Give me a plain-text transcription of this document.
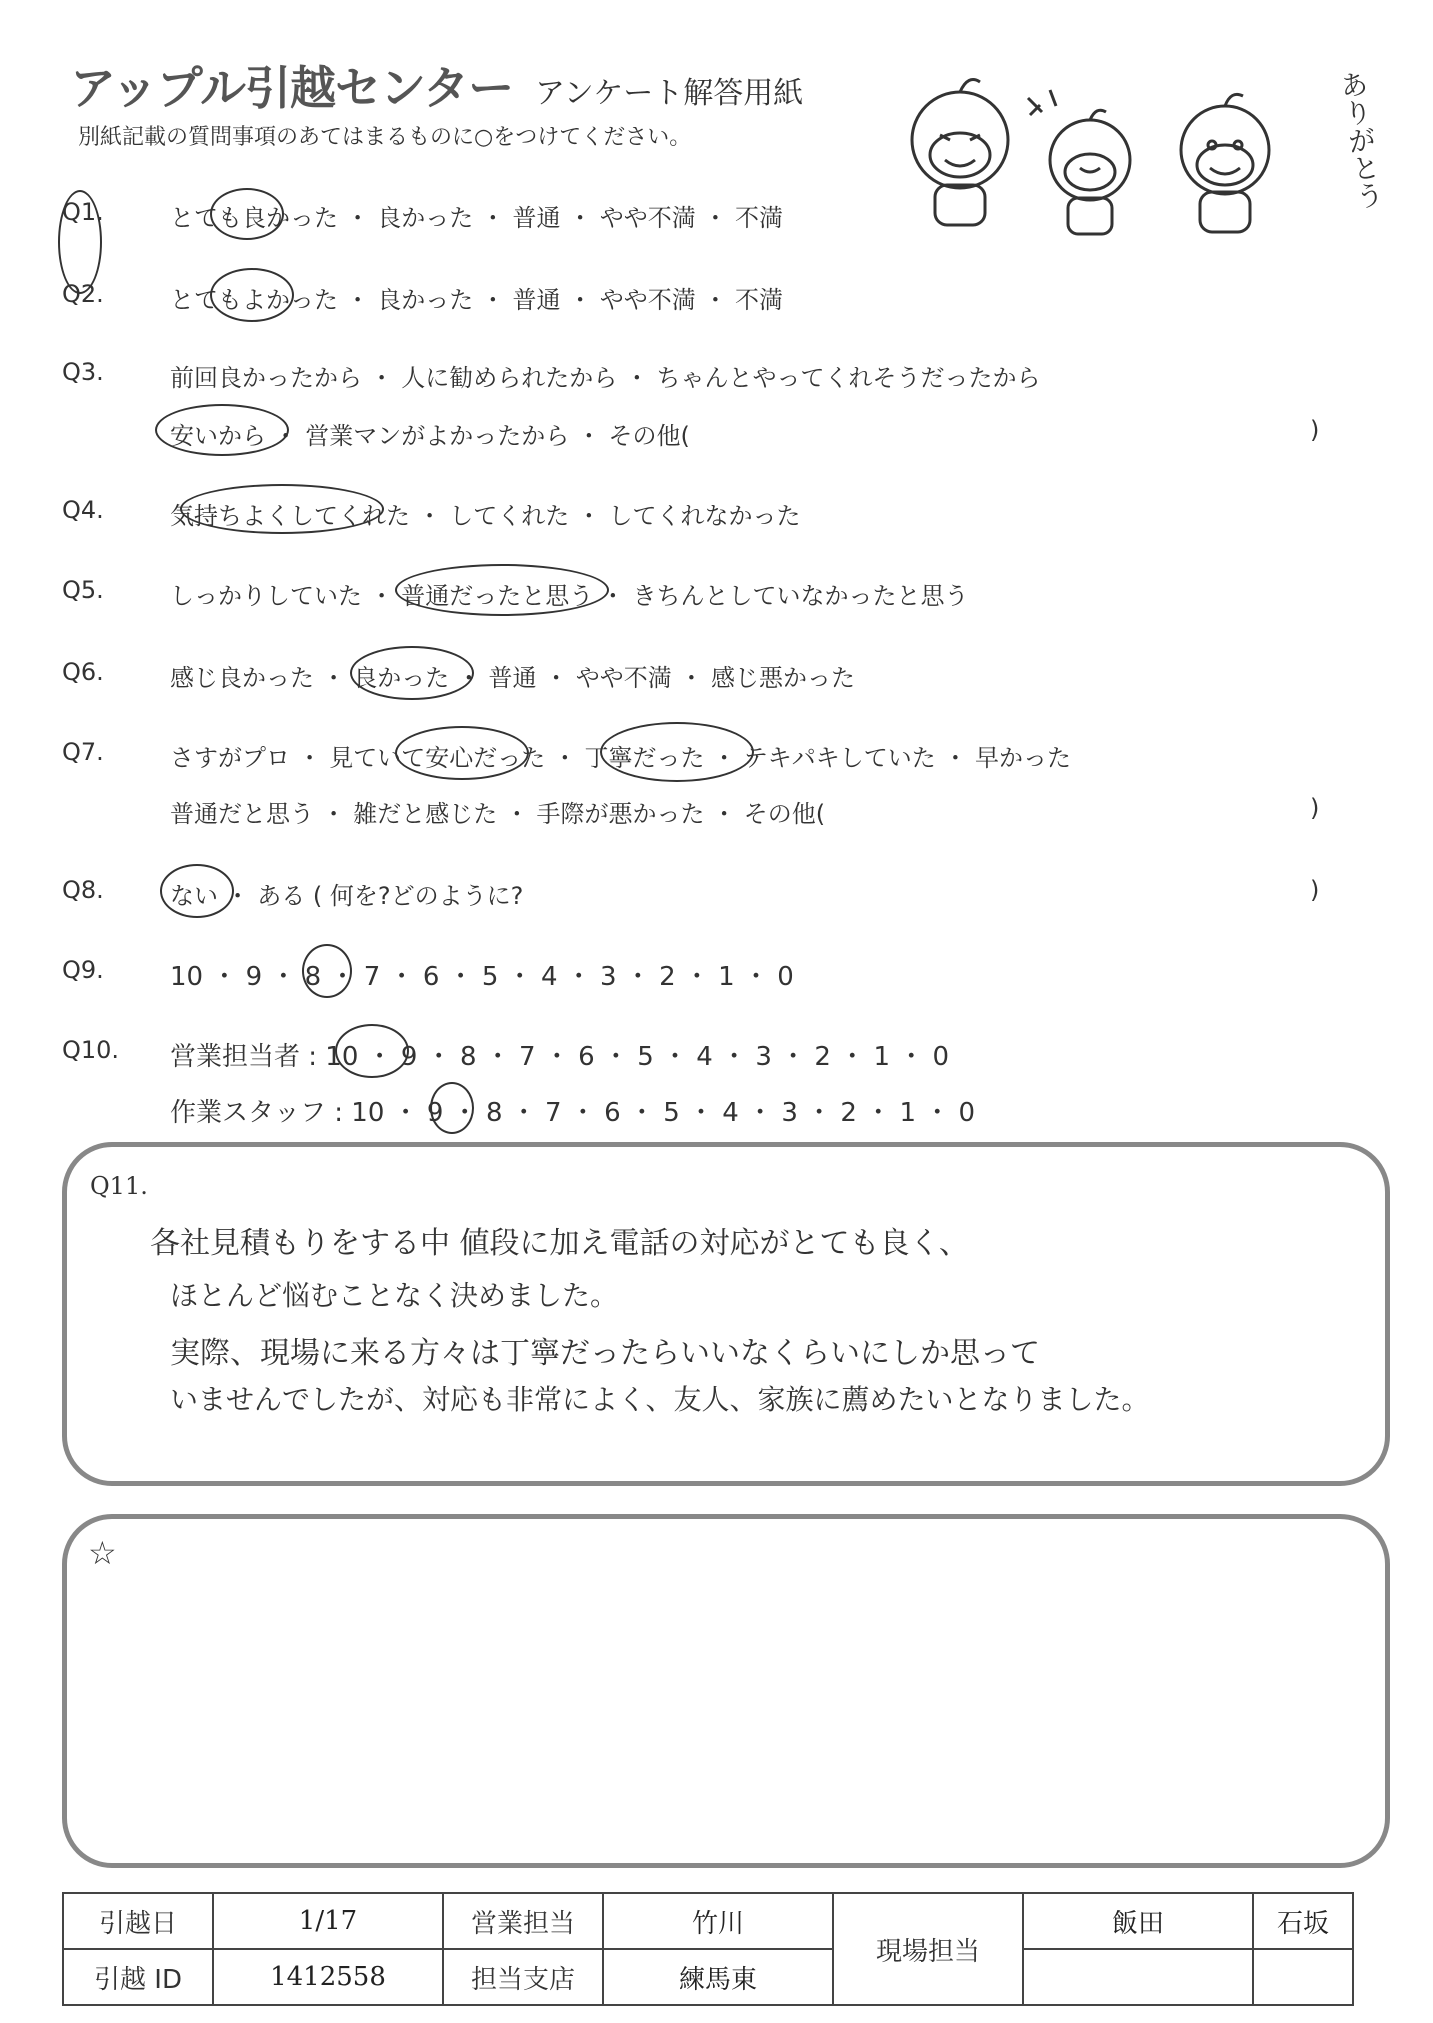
アップル引越センター アンケート解答用紙
別紙記載の質問事項のあてはまるものに○をつけてください。	ありがとう
Q1.	とても良かった ・ 良かった ・ 普通 ・ やや不満 ・ 不満
Q2.	とてもよかった ・ 良かった ・ 普通 ・ やや不満 ・ 不満
Q3.	前回良かったから ・ 人に勧められたから ・ ちゃんとやってくれそうだったから
安いから ・ 営業マンがよかったから ・ その他(	)
Q4.	気持ちよくしてくれた ・ してくれた ・ してくれなかった
Q5.	しっかりしていた ・ 普通だったと思う ・ きちんとしていなかったと思う
Q6.	感じ良かった ・ 良かった ・ 普通 ・ やや不満 ・ 感じ悪かった
Q7.	さすがプロ ・ 見ていて安心だった ・ 丁寧だった ・ テキパキしていた ・ 早かった
普通だと思う ・ 雑だと感じた ・ 手際が悪かった ・ その他(	)
Q8.	ない ・ ある ( 何を?どのように?	)
Q9.	10 ・ 9 ・ 8 ・ 7 ・ 6 ・ 5 ・ 4 ・ 3 ・ 2 ・ 1 ・ 0
Q10. 営業担当者 : 10 ・ 9 ・ 8 ・ 7 ・ 6 ・ 5 ・ 4 ・ 3 ・ 2 ・ 1 ・ 0
作業スタッフ : 10 ・ 9 ・ 8 ・ 7 ・ 6 ・ 5 ・ 4 ・ 3 ・ 2 ・ 1 ・ 0
Q11.
各社見積もりをする中 値段に加え電話の対応がとても良く、
ほとんど悩むことなく決めました。
実際、現場に来る方々は丁寧だったらいいなくらいにしか思って
いませんでしたが、対応も非常によく、友人、家族に薦めたいとなりました。
☆
引越日	1/17	営業担当	竹川	現場担当	飯田	石坂
引越 ID	1412558	担当支店	練馬東			
